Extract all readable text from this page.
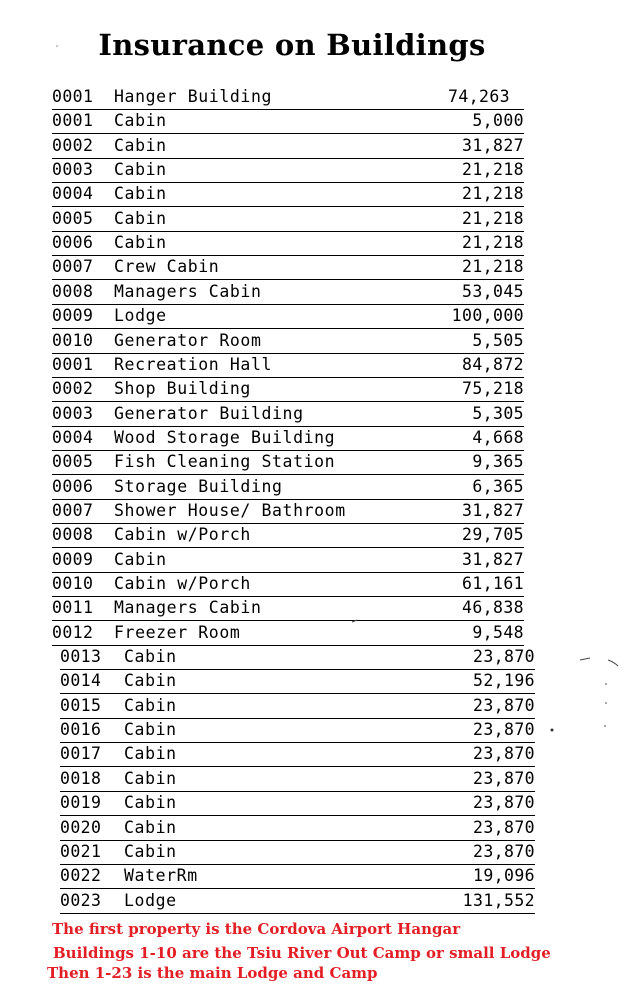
Insurance on Buildings
0001 Hanger Building	74,263
0001 Cabin	5,000
0002 Cabin	31,827
0003 Cabin	21,218
0004 Cabin	21,218
0005 Cabin	21,218
0006 Cabin	21,218
0007 Crew Cabin	21,218
0008 Managers Cabin	53,045
0009 Lodge	100,000
0010 Generator Room	5,505
0001 Recreation Hall	84,872
0002 Shop Building	75,218
0003 Generator Building	5,305
0004 Wood Storage Building	4,668
0005 Fish Cleaning Station	9,365
0006 Storage Building	6,365
0007 Shower House/ Bathroom	31,827
0008 Cabin w/Porch	29,705
0009 Cabin	31,827
0010 Cabin w/Porch	61,161
0011 Managers Cabin	46,838
0012 Freezer Room	9,548
0013 Cabin	23,870
0014 Cabin	52,196
0015 Cabin	23,870
0016 Cabin	23,870
0017 Cabin	23,870
0018 Cabin	23,870
0019 Cabin	23,870
0020 Cabin	23,870
0021 Cabin	23,870
0022 WaterRm	19,096
0023 Lodge	131,552
The first property is the Cordova Airport Hangar
Buildings 1-10 are the Tsiu River Out Camp or small Lodge
Then 1-23 is the main Lodge and Camp
